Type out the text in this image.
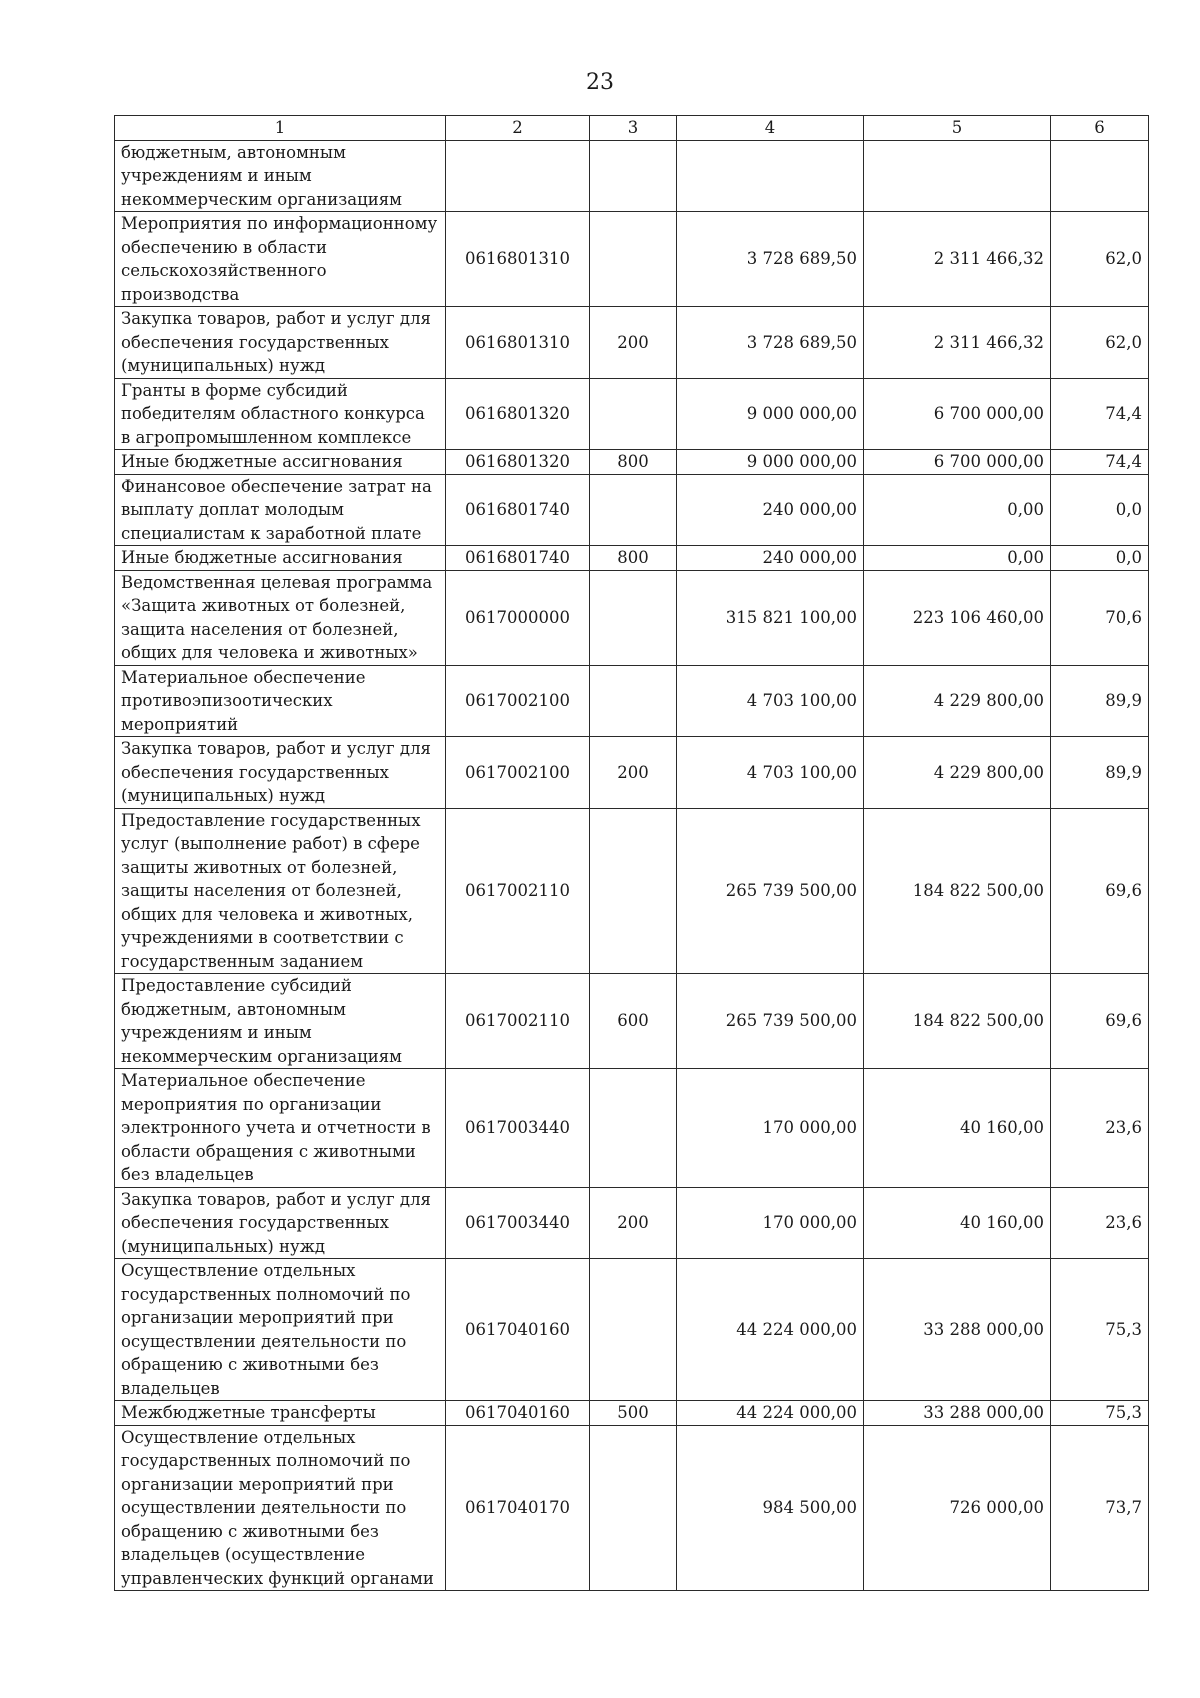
23
1	2	3	4	5	6
бюджетным, автономным учреждениям и иным некоммерческим организациям					
Мероприятия по информационному обеспечению в области сельскохозяйственного производства	0616801310		3 728 689,50	2 311 466,32	62,0
Закупка товаров, работ и услуг для обеспечения государственных (муниципальных) нужд	0616801310	200	3 728 689,50	2 311 466,32	62,0
Гранты в форме субсидий победителям областного конкурса в агропромышленном комплексе	0616801320		9 000 000,00	6 700 000,00	74,4
Иные бюджетные ассигнования	0616801320	800	9 000 000,00	6 700 000,00	74,4
Финансовое обеспечение затрат на выплату доплат молодым специалистам к заработной плате	0616801740		240 000,00	0,00	0,0
Иные бюджетные ассигнования	0616801740	800	240 000,00	0,00	0,0
Ведомственная целевая программа «Защита животных от болезней, защита населения от болезней, общих для человека и животных»	0617000000		315 821 100,00	223 106 460,00	70,6
Материальное обеспечение противоэпизоотических мероприятий	0617002100		4 703 100,00	4 229 800,00	89,9
Закупка товаров, работ и услуг для обеспечения государственных (муниципальных) нужд	0617002100	200	4 703 100,00	4 229 800,00	89,9
Предоставление государственных услуг (выполнение работ) в сфере защиты животных от болезней, защиты населения от болезней, общих для человека и животных, учреждениями в соответствии с государственным заданием	0617002110		265 739 500,00	184 822 500,00	69,6
Предоставление субсидий бюджетным, автономным учреждениям и иным некоммерческим организациям	0617002110	600	265 739 500,00	184 822 500,00	69,6
Материальное обеспечение мероприятия по организации электронного учета и отчетности в области обращения с животными без владельцев	0617003440		170 000,00	40 160,00	23,6
Закупка товаров, работ и услуг для обеспечения государственных (муниципальных) нужд	0617003440	200	170 000,00	40 160,00	23,6
Осуществление отдельных государственных полномочий по организации мероприятий при осуществлении деятельности по обращению с животными без владельцев	0617040160		44 224 000,00	33 288 000,00	75,3
Межбюджетные трансферты	0617040160	500	44 224 000,00	33 288 000,00	75,3
Осуществление отдельных государственных полномочий по организации мероприятий при осуществлении деятельности по обращению с животными без владельцев (осуществление управленческих функций органами	0617040170		984 500,00	726 000,00	73,7
